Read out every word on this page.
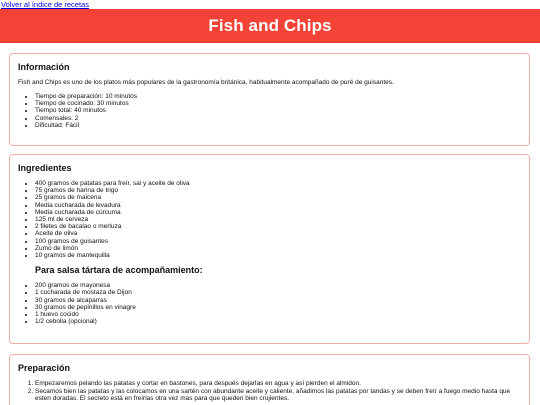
Volver al índice de recetas
Fish and Chips
Información

Fish and Chips es uno de los platos más populares de la gastronomía británica, habitualmente acompañado de puré de guisantes.

• Tiempo de preparación: 10 minutos
• Tiempo de cocinado: 30 minutos
• Tiempo total: 40 minutos
• Comensales: 2
• Dificultad: Fácil
Ingredientes
• 400 gramos de patatas para freír, sal y aceite de oliva
• 75 gramos de harina de trigo
• 25 gramos de maicena
• Media cucharada de levadura
• Media cucharada de cúrcuma
• 125 ml de cerveza
• 2 filetes de bacalao o merluza
• Aceite de oliva
• 100 gramos de guisantes
• Zumo de limón
• 10 gramos de mantequilla
Para salsa tártara de acompañamiento:
• 200 gramos de mayonesa
• 1 cucharada de mostaza de Dijon
• 30 gramos de alcaparras
• 30 gramos de pepinillos en vinagre
• 1 huevo cocido
• 1/2 cebolla (opcional)
Preparación
1. Empezaremos pelando las patatas y cortar en bastones, para después dejarlas en agua y así pierden el almidon.
2. Secamos bien las patatas y las colocamos en una sartén con abundante aceite y caliente, añadimos las patatas por tandas y se deben freír a fuego medio hasta que esten doradas. El secreto está en freírlas otra vez mas para que queden bien crujientes.
